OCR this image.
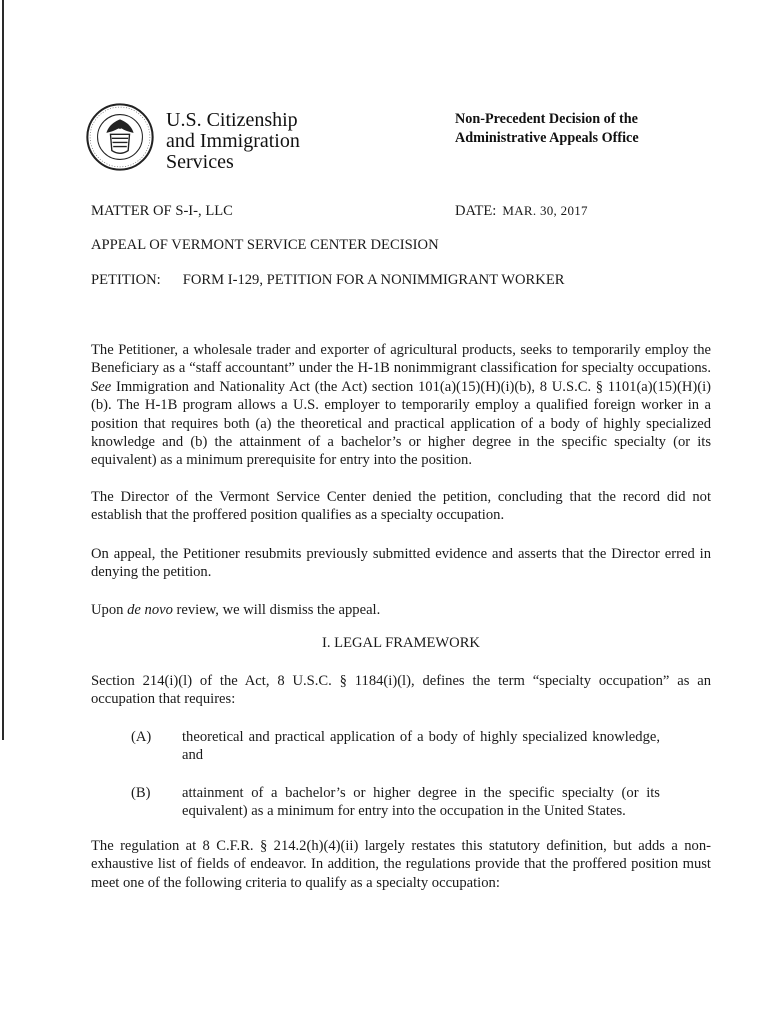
U.S. Citizenship
and Immigration
Services
Non-Precedent Decision of the
Administrative Appeals Office
MATTER OF S-I-, LLC	DATE: MAR. 30, 2017
APPEAL OF VERMONT SERVICE CENTER DECISION
PETITION: FORM I-129, PETITION FOR A NONIMMIGRANT WORKER
The Petitioner, a wholesale trader and exporter of agricultural products, seeks to temporarily employ the Beneficiary as a “staff accountant” under the H-1B nonimmigrant classification for specialty occupations. See Immigration and Nationality Act (the Act) section 101(a)(15)(H)(i)(b), 8 U.S.C. § 1101(a)(15)(H)(i)(b). The H-1B program allows a U.S. employer to temporarily employ a qualified foreign worker in a position that requires both (a) the theoretical and practical application of a body of highly specialized knowledge and (b) the attainment of a bachelor’s or higher degree in the specific specialty (or its equivalent) as a minimum prerequisite for entry into the position.
The Director of the Vermont Service Center denied the petition, concluding that the record did not establish that the proffered position qualifies as a specialty occupation.
On appeal, the Petitioner resubmits previously submitted evidence and asserts that the Director erred in denying the petition.
Upon de novo review, we will dismiss the appeal.
I. LEGAL FRAMEWORK
Section 214(i)(l) of the Act, 8 U.S.C. § 1184(i)(l), defines the term “specialty occupation” as an occupation that requires:
(A) theoretical and practical application of a body of highly specialized knowledge, and
(B) attainment of a bachelor’s or higher degree in the specific specialty (or its equivalent) as a minimum for entry into the occupation in the United States.
The regulation at 8 C.F.R. § 214.2(h)(4)(ii) largely restates this statutory definition, but adds a non-exhaustive list of fields of endeavor. In addition, the regulations provide that the proffered position must meet one of the following criteria to qualify as a specialty occupation:
